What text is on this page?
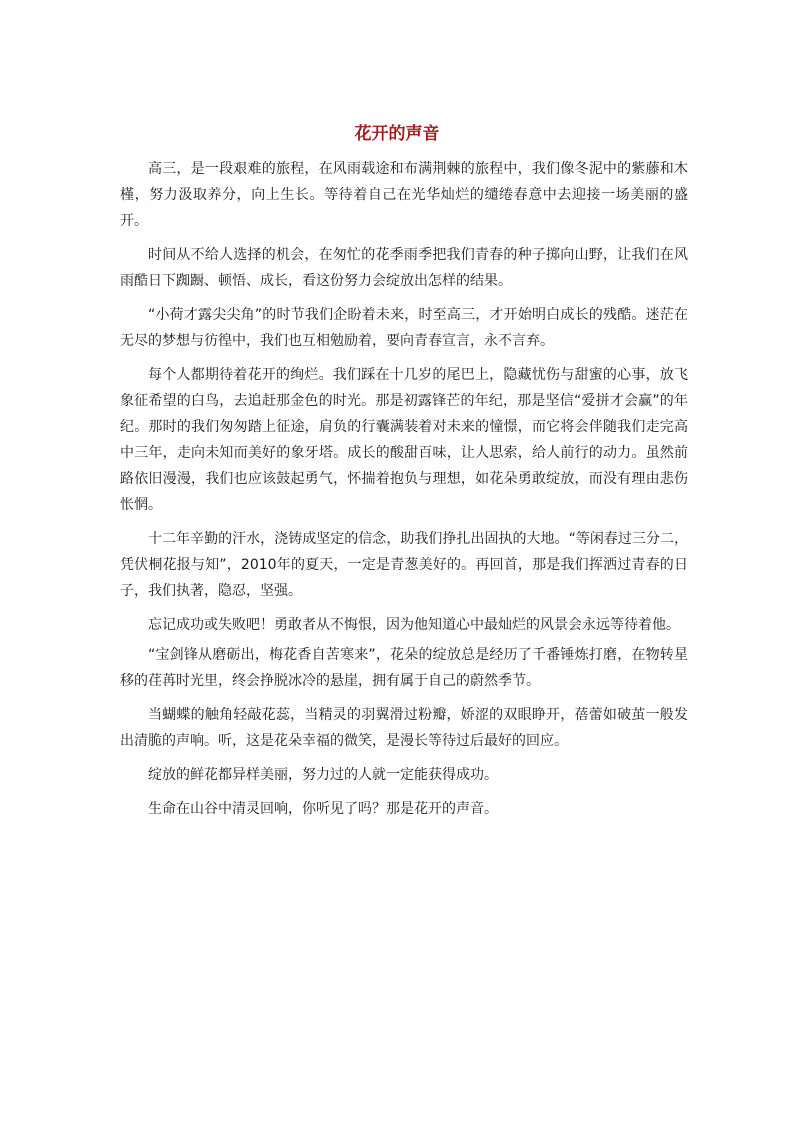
花开的声音

高三，是一段艰难的旅程，在风雨载途和布满荆棘的旅程中，我们像冬泥中的紫藤和木槿，努力汲取养分，向上生长。等待着自己在光华灿烂的缱绻春意中去迎接一场美丽的盛开。

时间从不给人选择的机会，在匆忙的花季雨季把我们青春的种子掷向山野，让我们在风雨酷日下踟蹰、顿悟、成长，看这份努力会绽放出怎样的结果。

“小荷才露尖尖角”的时节我们企盼着未来，时至高三，才开始明白成长的残酷。迷茫在无尽的梦想与彷徨中，我们也互相勉励着，要向青春宣言，永不言弃。

每个人都期待着花开的绚烂。我们踩在十几岁的尾巴上，隐藏忧伤与甜蜜的心事，放飞象征希望的白鸟，去追赶那金色的时光。那是初露锋芒的年纪，那是坚信“爱拼才会赢”的年纪。那时的我们匆匆踏上征途，肩负的行囊满装着对未来的憧憬，而它将会伴随我们走完高中三年，走向未知而美好的象牙塔。成长的酸甜百味，让人思索，给人前行的动力。虽然前路依旧漫漫，我们也应该鼓起勇气，怀揣着抱负与理想，如花朵勇敢绽放，而没有理由悲伤怅惘。

十二年辛勤的汗水，浇铸成坚定的信念，助我们挣扎出固执的大地。“等闲春过三分二，凭伏桐花报与知”，2010年的夏天，一定是青葱美好的。再回首，那是我们挥洒过青春的日子，我们执著，隐忍，坚强。

忘记成功或失败吧！勇敢者从不悔恨，因为他知道心中最灿烂的风景会永远等待着他。

“宝剑锋从磨砺出，梅花香自苦寒来”，花朵的绽放总是经历了千番锤炼打磨，在物转星移的荏苒时光里，终会挣脱冰冷的悬崖，拥有属于自己的蔚然季节。

当蝴蝶的触角轻敲花蕊，当精灵的羽翼滑过粉瓣，娇涩的双眼睁开，蓓蕾如破茧一般发出清脆的声响。听，这是花朵幸福的微笑，是漫长等待过后最好的回应。

绽放的鲜花都异样美丽，努力过的人就一定能获得成功。

生命在山谷中清灵回响，你听见了吗？那是花开的声音。
